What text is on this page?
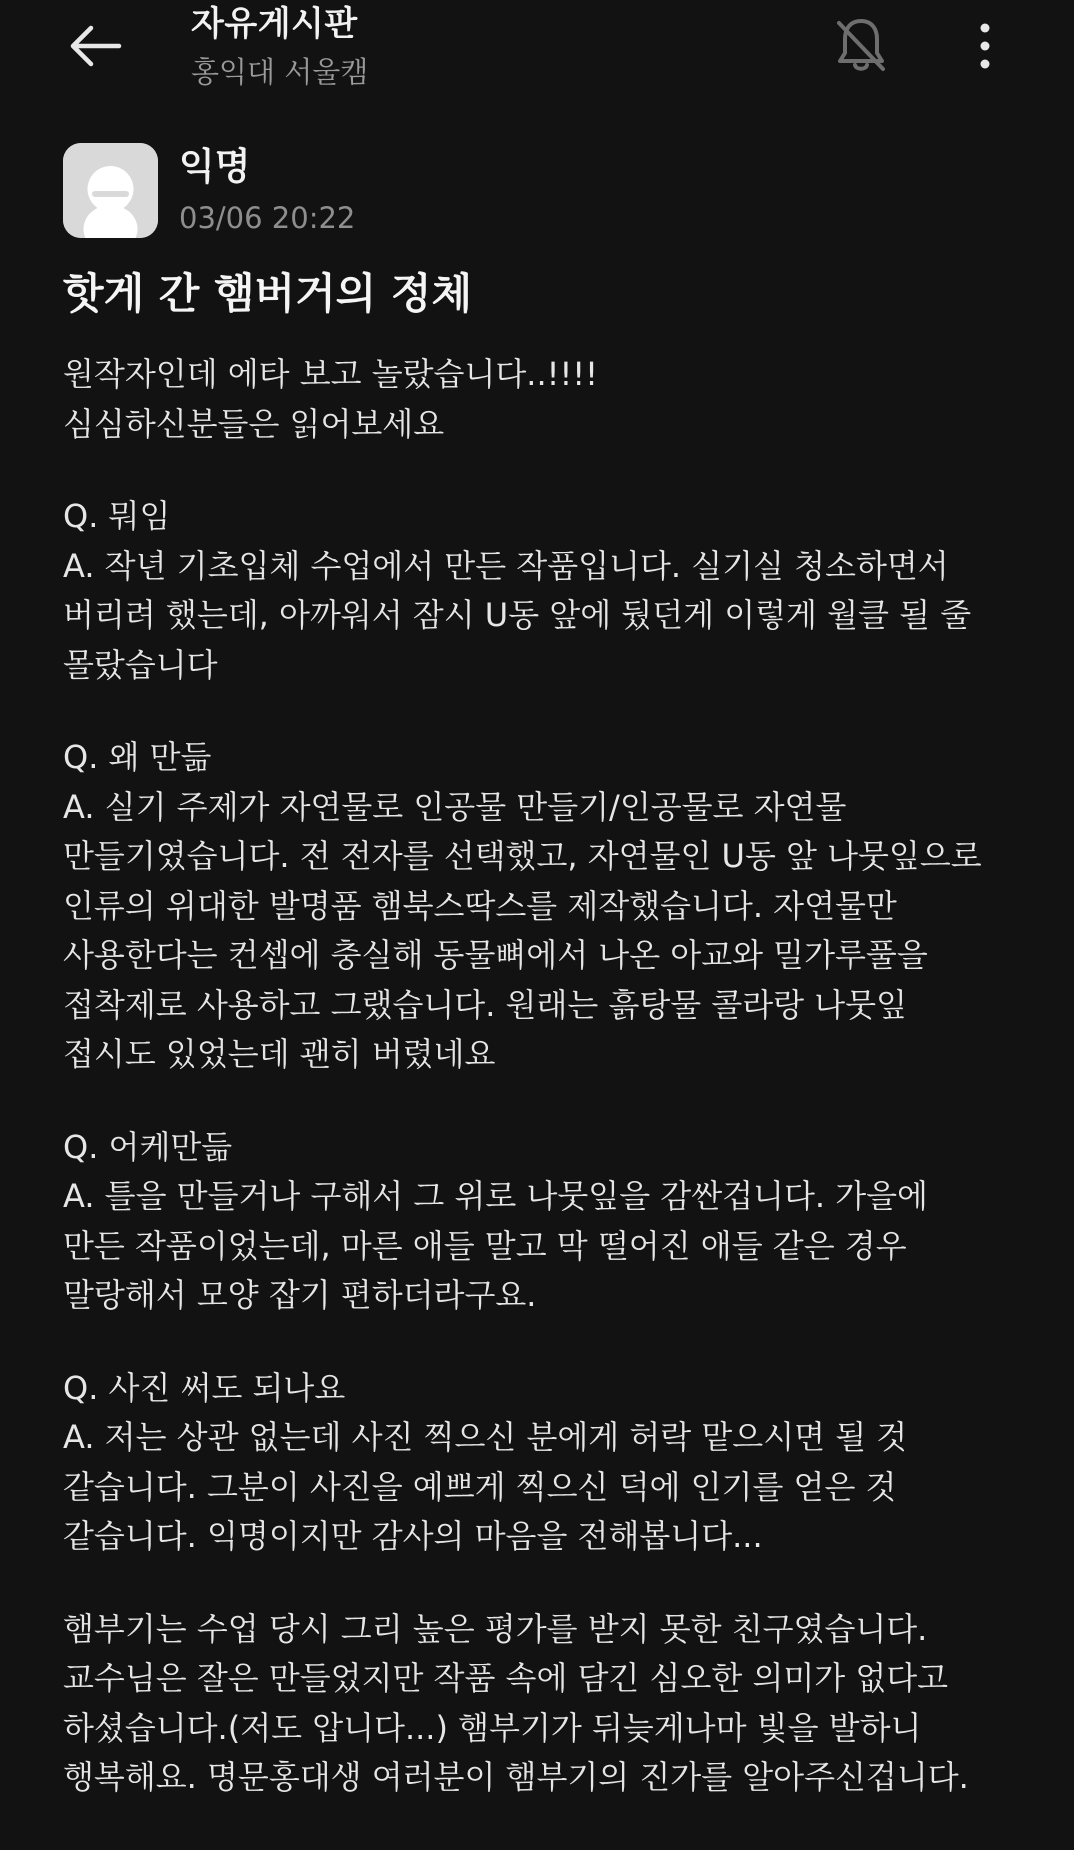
자유게시판
홍익대 서울캠
익명
03/06 20:22
핫게 간 햄버거의 정체

원작자인데 에타 보고 놀랐습니다..!!!!
심심하신분들은 읽어보세요

Q. 뭐임
A. 작년 기초입체 수업에서 만든 작품입니다. 실기실 청소하면서
버리려 했는데, 아까워서 잠시 U동 앞에 뒀던게 이렇게 월클 될 줄
몰랐습니다

Q. 왜 만듦
A. 실기 주제가 자연물로 인공물 만들기/인공물로 자연물
만들기였습니다. 전 전자를 선택했고, 자연물인 U동 앞 나뭇잎으로
인류의 위대한 발명품 햄북스딱스를 제작했습니다. 자연물만
사용한다는 컨셉에 충실해 동물뼈에서 나온 아교와 밀가루풀을
접착제로 사용하고 그랬습니다. 원래는 흙탕물 콜라랑 나뭇잎
접시도 있었는데 괜히 버렸네요

Q. 어케만듦
A. 틀을 만들거나 구해서 그 위로 나뭇잎을 감싼겁니다. 가을에
만든 작품이었는데, 마른 애들 말고 막 떨어진 애들 같은 경우
말랑해서 모양 잡기 편하더라구요.

Q. 사진 써도 되나요
A. 저는 상관 없는데 사진 찍으신 분에게 허락 맡으시면 될 것
같습니다. 그분이 사진을 예쁘게 찍으신 덕에 인기를 얻은 것
같습니다. 익명이지만 감사의 마음을 전해봅니다...

햄부기는 수업 당시 그리 높은 평가를 받지 못한 친구였습니다.
교수님은 잘은 만들었지만 작품 속에 담긴 심오한 의미가 없다고
하셨습니다.(저도 압니다...) 햄부기가 뒤늦게나마 빛을 발하니
행복해요. 명문홍대생 여러분이 햄부기의 진가를 알아주신겁니다.
